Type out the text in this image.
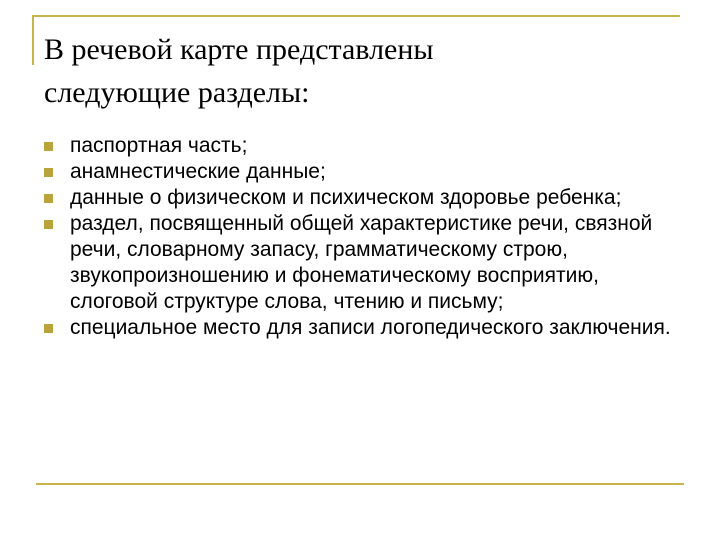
В речевой карте представлены
следующие разделы:
паспортная часть;
анамнестические данные;
данные о физическом и психическом здоровье ребенка;
раздел, посвященный общей характеристике речи, связной речи, словарному запасу, грамматическому строю, звукопроизношению и фонематическому восприятию, слоговой структуре слова, чтению и письму;
специальное место для записи логопедического заключения.
